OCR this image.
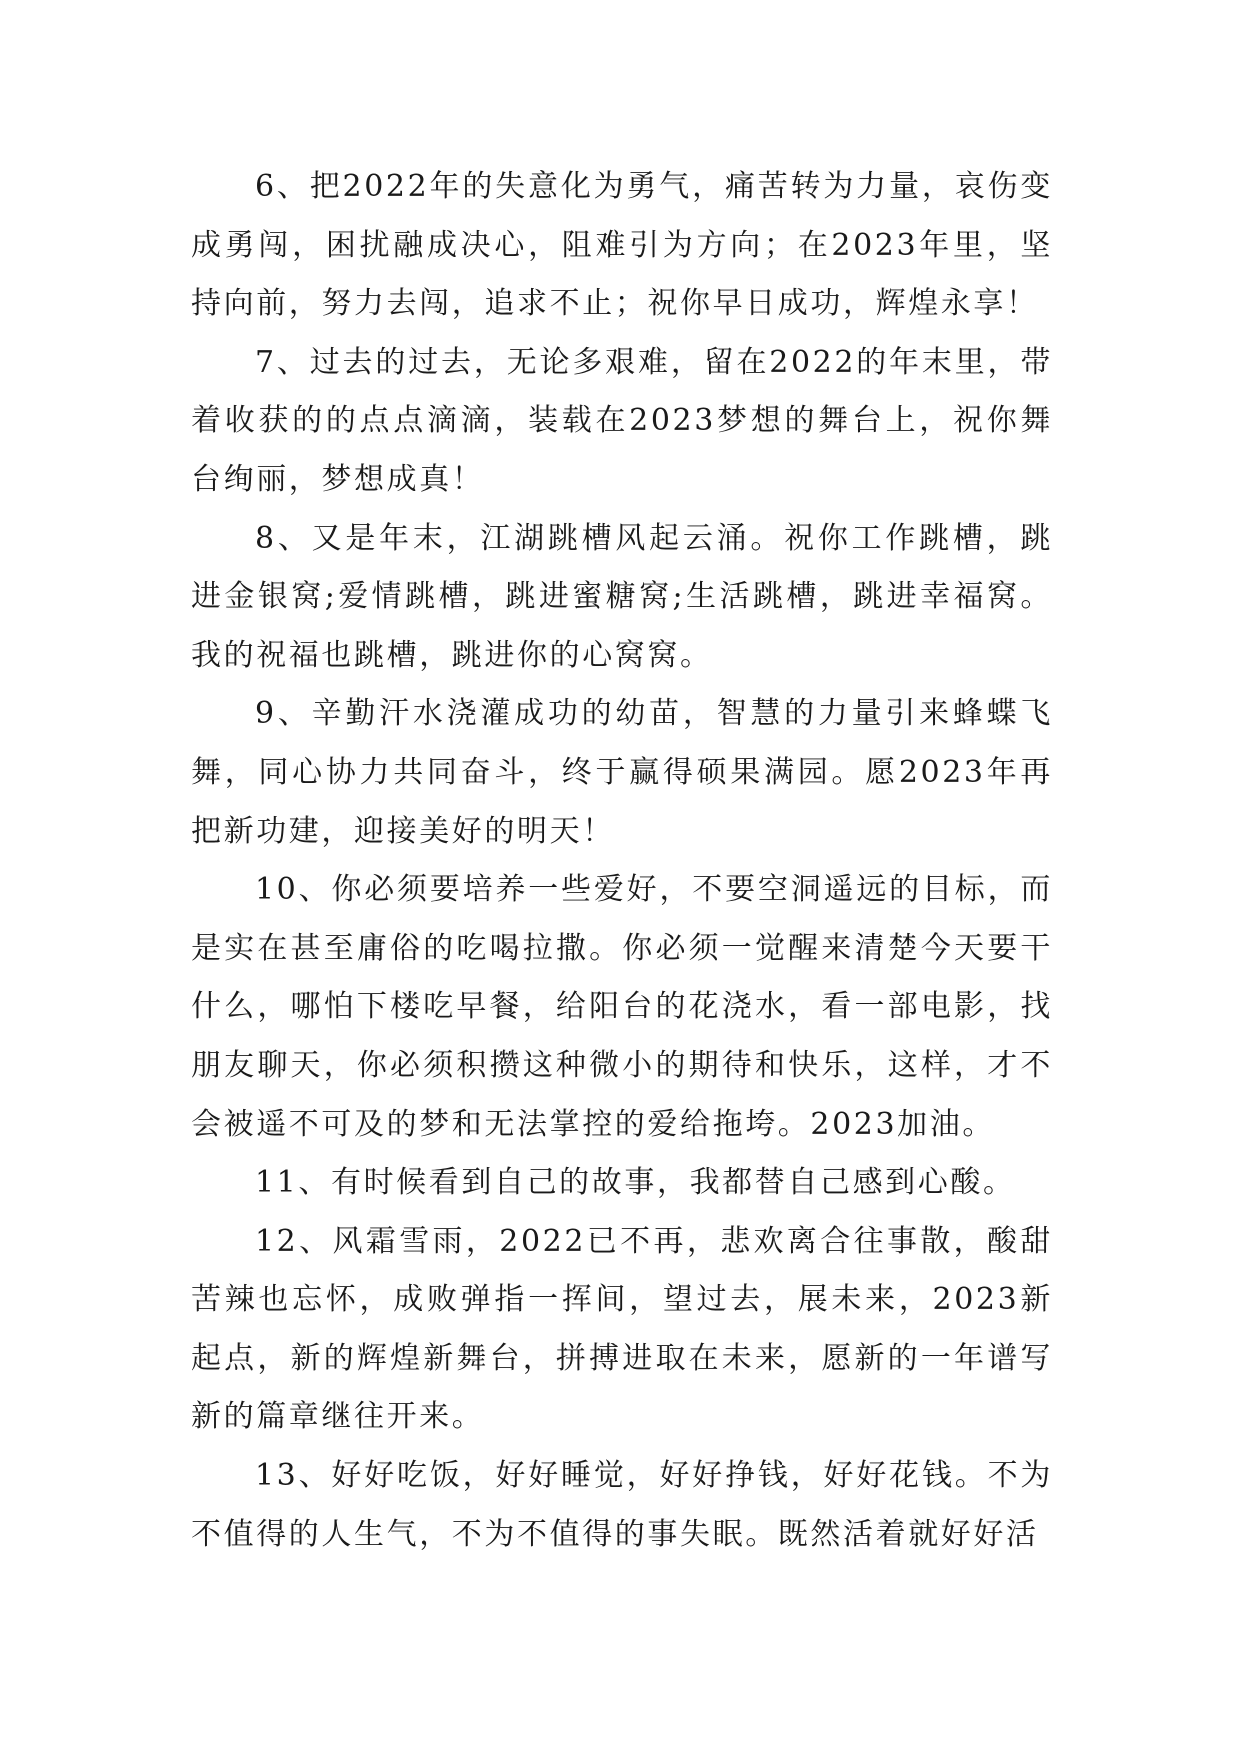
6、把2022年的失意化为勇气，痛苦转为力量，哀伤变成勇闯，困扰融成决心，阻难引为方向；在2023年里，坚持向前，努力去闯，追求不止；祝你早日成功，辉煌永享！

7、过去的过去，无论多艰难，留在2022的年末里，带着收获的的点点滴滴，装载在2023梦想的舞台上，祝你舞台绚丽，梦想成真！

8、又是年末，江湖跳槽风起云涌。祝你工作跳槽，跳进金银窝;爱情跳槽，跳进蜜糖窝;生活跳槽，跳进幸福窝。我的祝福也跳槽，跳进你的心窝窝。

9、辛勤汗水浇灌成功的幼苗，智慧的力量引来蜂蝶飞舞，同心协力共同奋斗，终于赢得硕果满园。愿2023年再把新功建，迎接美好的明天！

10、你必须要培养一些爱好，不要空洞遥远的目标，而是实在甚至庸俗的吃喝拉撒。你必须一觉醒来清楚今天要干什么，哪怕下楼吃早餐，给阳台的花浇水，看一部电影，找朋友聊天，你必须积攒这种微小的期待和快乐，这样，才不会被遥不可及的梦和无法掌控的爱给拖垮。2023加油。

11、有时候看到自己的故事，我都替自己感到心酸。

12、风霜雪雨，2022已不再，悲欢离合往事散，酸甜苦辣也忘怀，成败弹指一挥间，望过去，展未来，2023新起点，新的辉煌新舞台，拼搏进取在未来，愿新的一年谱写新的篇章继往开来。

13、好好吃饭，好好睡觉，好好挣钱，好好花钱。不为不值得的人生气，不为不值得的事失眠。既然活着就好好活
